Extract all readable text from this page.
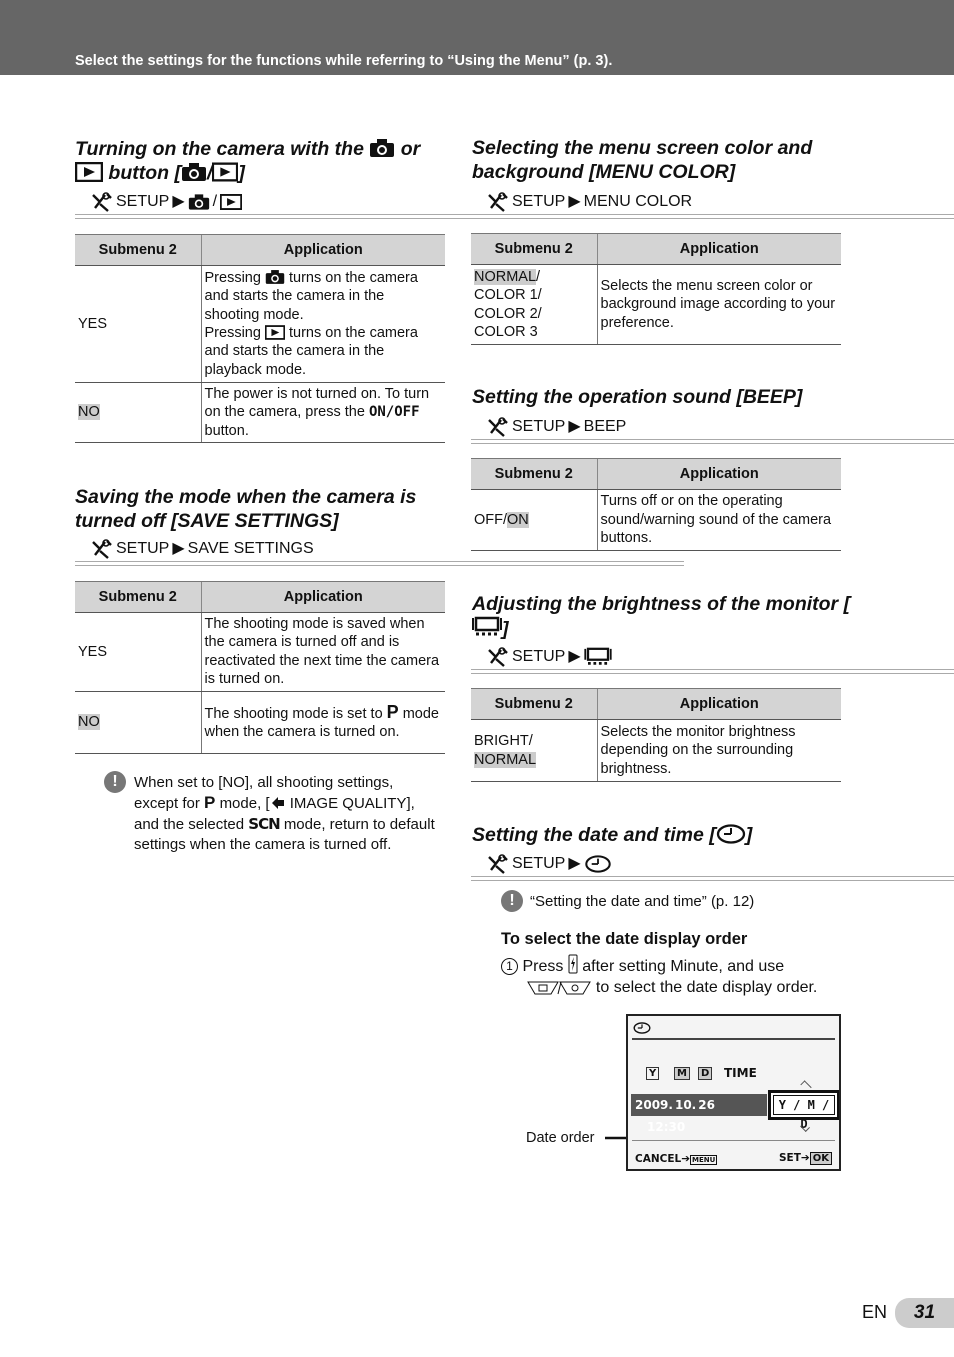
Select the settings for the functions while referring to “Using the Menu” (p. 3).
Turning on the camera with the or
button [ / ]
SETUP ▶ /
Submenu 2	Application
YES	Pressing turns on the camera and starts the camera in the shooting mode.
Pressing turns on the camera and starts the camera in the playback mode.
NO	The power is not turned on. To turn on the camera, press the ON/OFF button.
Saving the mode when the camera is turned off [SAVE SETTINGS]
SETUP ▶ SAVE SETTINGS
Submenu 2	Application
YES	The shooting mode is saved when the camera is turned off and is reactivated the next time the camera is turned on.
NO	The shooting mode is set to P mode when the camera is turned on.
!	When set to [NO], all shooting settings, except for P mode, [ IMAGE QUALITY], and the selected SCN mode, return to default settings when the camera is turned off.
Selecting the menu screen color and background [MENU COLOR]
SETUP ▶ MENU COLOR
Submenu 2	Application
NORMAL/ COLOR 1/ COLOR 2/ COLOR 3	Selects the menu screen color or background image according to your preference.
Setting the operation sound [BEEP]
SETUP ▶ BEEP
Submenu 2	Application
OFF/ON	Turns off or on the operating sound/warning sound of the camera buttons.
Adjusting the brightness of the monitor []
SETUP ▶
Submenu 2	Application
BRIGHT/
NORMAL	Selects the monitor brightness depending on the surrounding brightness.
Setting the date and time [ ]
SETUP ▶
!	“Setting the date and time” (p. 12)
To select the date display order
1 Press after setting Minute, and use
to select the date display order.
Date order
Y	M	D TIME
2009. 10. 26 12:30
Y / M / D
CANCEL➔ MENU	SET➔ OK
EN	31
